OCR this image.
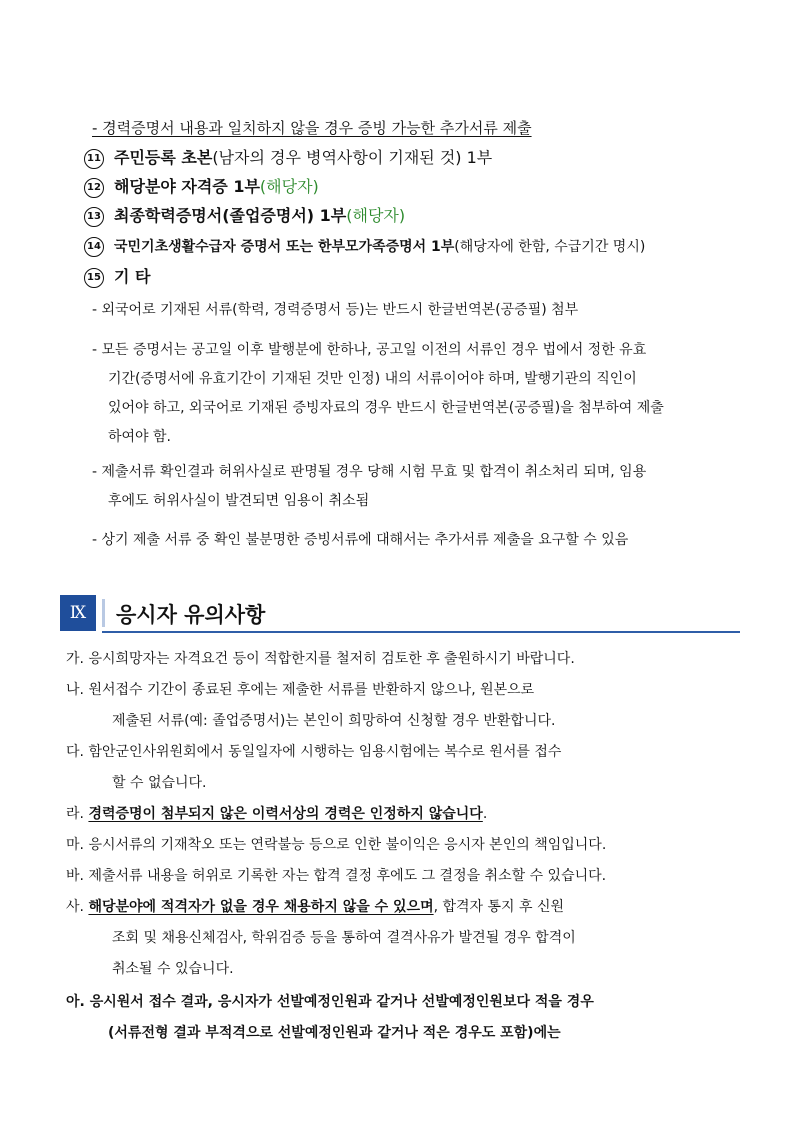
- 경력증명서 내용과 일치하지 않을 경우 증빙 가능한 추가서류 제출
11 주민등록 초본(남자의 경우 병역사항이 기재된 것) 1부
12 해당분야 자격증 1부(해당자)
13 최종학력증명서(졸업증명서) 1부(해당자)
14 국민기초생활수급자 증명서 또는 한부모가족증명서 1부(해당자에 한함, 수급기간 명시)
15 기 타
- 외국어로 기재된 서류(학력, 경력증명서 등)는 반드시 한글번역본(공증필) 첨부
- 모든 증명서는 공고일 이후 발행분에 한하나, 공고일 이전의 서류인 경우 법에서 정한 유효
기간(증명서에 유효기간이 기재된 것만 인정) 내의 서류이어야 하며, 발행기관의 직인이
있어야 하고, 외국어로 기재된 증빙자료의 경우 반드시 한글번역본(공증필)을 첨부하여 제출
하여야 함.
- 제출서류 확인결과 허위사실로 판명될 경우 당해 시험 무효 및 합격이 취소처리 되며, 임용
후에도 허위사실이 발견되면 임용이 취소됨
- 상기 제출 서류 중 확인 불분명한 증빙서류에 대해서는 추가서류 제출을 요구할 수 있음
Ⅸ	응시자 유의사항
가. 응시희망자는 자격요건 등이 적합한지를 철저히 검토한 후 출원하시기 바랍니다.
나. 원서접수 기간이 종료된 후에는 제출한 서류를 반환하지 않으나, 원본으로
제출된 서류(예: 졸업증명서)는 본인이 희망하여 신청할 경우 반환합니다.
다. 함안군인사위원회에서 동일일자에 시행하는 임용시험에는 복수로 원서를 접수
할 수 없습니다.
라. 경력증명이 첨부되지 않은 이력서상의 경력은 인정하지 않습니다.
마. 응시서류의 기재착오 또는 연락불능 등으로 인한 불이익은 응시자 본인의 책임입니다.
바. 제출서류 내용을 허위로 기록한 자는 합격 결정 후에도 그 결정을 취소할 수 있습니다.
사. 해당분야에 적격자가 없을 경우 채용하지 않을 수 있으며, 합격자 통지 후 신원
조회 및 채용신체검사, 학위검증 등을 통하여 결격사유가 발견될 경우 합격이
취소될 수 있습니다.
아. 응시원서 접수 결과, 응시자가 선발예정인원과 같거나 선발예정인원보다 적을 경우
(서류전형 결과 부적격으로 선발예정인원과 같거나 적은 경우도 포함)에는
